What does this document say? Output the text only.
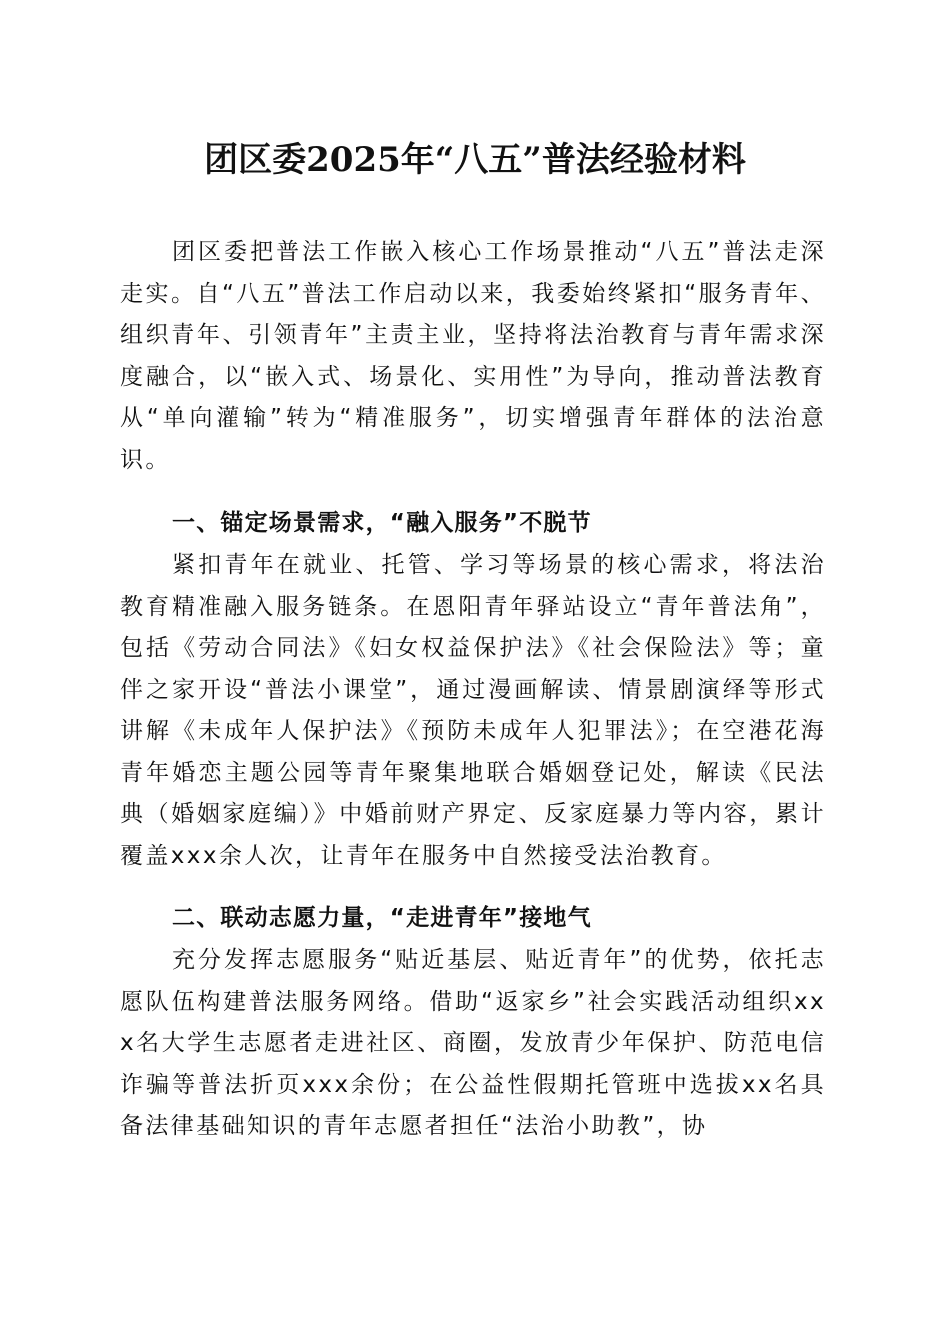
团区委2025年“八五”普法经验材料

团区委把普法工作嵌入核心工作场景推动“八五”普法走深走实。自“八五”普法工作启动以来，我委始终紧扣“服务青年、组织青年、引领青年”主责主业，坚持将法治教育与青年需求深度融合，以“嵌入式、场景化、实用性”为导向，推动普法教育从“单向灌输”转为“精准服务”，切实增强青年群体的法治意识。

一、锚定场景需求，“融入服务”不脱节

紧扣青年在就业、托管、学习等场景的核心需求，将法治教育精准融入服务链条。在恩阳青年驿站设立“青年普法角”，包括《劳动合同法》《妇女权益保护法》《社会保险法》等；童伴之家开设“普法小课堂”，通过漫画解读、情景剧演绎等形式讲解《未成年人保护法》《预防未成年人犯罪法》；在空港花海青年婚恋主题公园等青年聚集地联合婚姻登记处，解读《民法典（婚姻家庭编）》中婚前财产界定、反家庭暴力等内容，累计覆盖xxx余人次，让青年在服务中自然接受法治教育。

二、联动志愿力量，“走进青年”接地气

充分发挥志愿服务“贴近基层、贴近青年”的优势，依托志愿队伍构建普法服务网络。借助“返家乡”社会实践活动组织xxx名大学生志愿者走进社区、商圈，发放青少年保护、防范电信诈骗等普法折页xxx余份；在公益性假期托管班中选拔xx名具备法律基础知识的青年志愿者担任“法治小助教”，协
